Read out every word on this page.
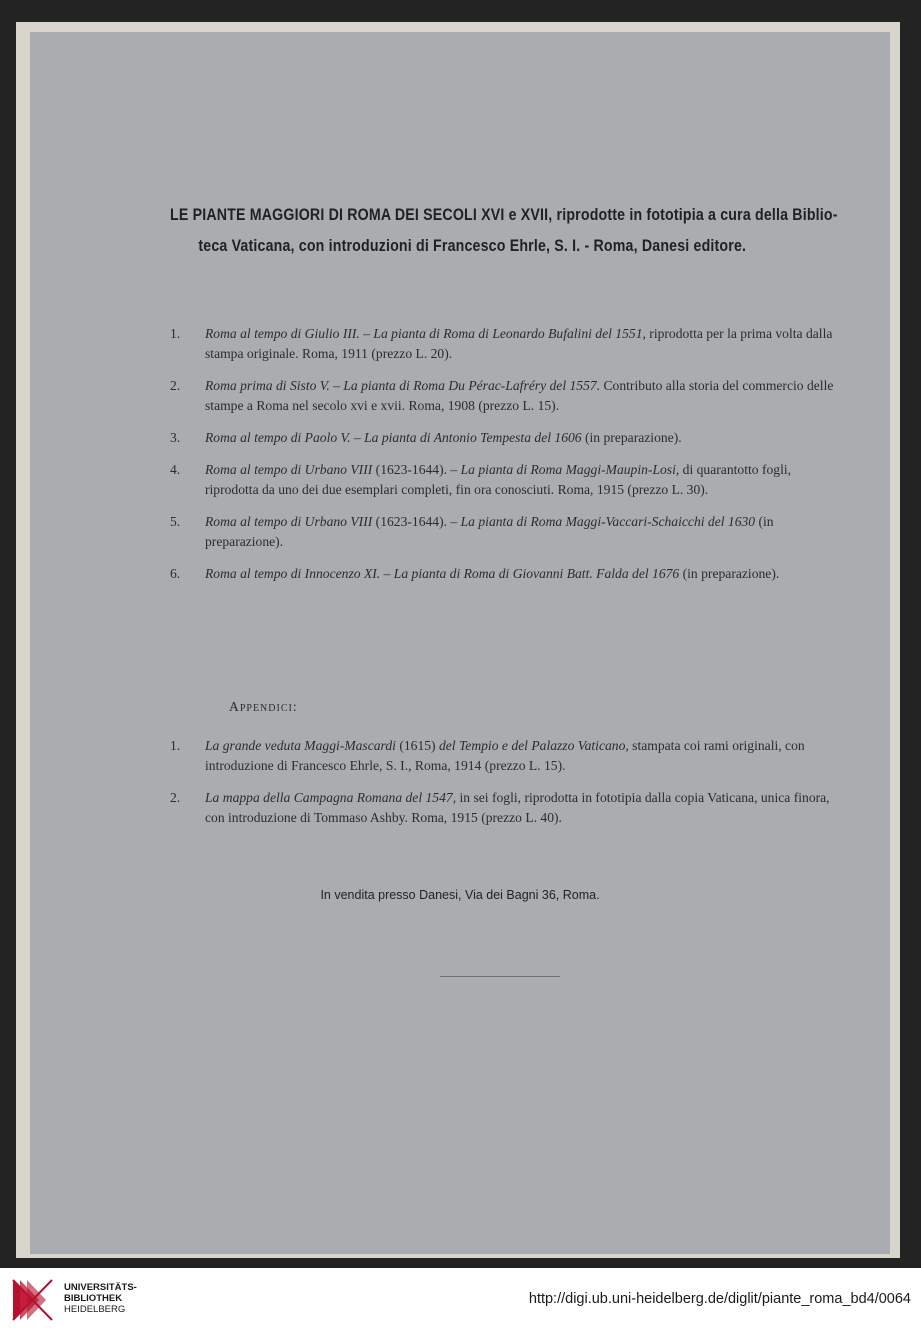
LE PIANTE MAGGIORI DI ROMA DEI SECOLI XVI e XVII, riprodotte in fototipia a cura della Biblio-
teca Vaticana, con introduzioni di Francesco Ehrle, S. I. - Roma, Danesi editore.
1. Roma al tempo di Giulio III. – La pianta di Roma di Leonardo Bufalini del 1551, riprodotta per la prima volta dalla stampa originale. Roma, 1911 (prezzo L. 20).
2. Roma prima di Sisto V. – La pianta di Roma Du Pérac-Lafréry del 1557. Contributo alla storia del commercio delle stampe a Roma nel secolo xvi e xvii. Roma, 1908 (prezzo L. 15).
3. Roma al tempo di Paolo V. – La pianta di Antonio Tempesta del 1606 (in preparazione).
4. Roma al tempo di Urbano VIII (1623-1644). – La pianta di Roma Maggi-Maupin-Losi, di quarantotto fogli, riprodotta da uno dei due esemplari completi, fin ora conosciuti. Roma, 1915 (prezzo L. 30).
5. Roma al tempo di Urbano VIII (1623-1644). – La pianta di Roma Maggi-Vaccari-Schaicchi del 1630 (in preparazione).
6. Roma al tempo di Innocenzo XI. – La pianta di Roma di Giovanni Batt. Falda del 1676 (in preparazione).
Appendici:
1. La grande veduta Maggi-Mascardi (1615) del Tempio e del Palazzo Vaticano, stampata coi rami originali, con introduzione di Francesco Ehrle, S. I., Roma, 1914 (prezzo L. 15).
2. La mappa della Campagna Romana del 1547, in sei fogli, riprodotta in fototipia dalla copia Vaticana, unica finora, con introduzione di Tommaso Ashby. Roma, 1915 (prezzo L. 40).
In vendita presso Danesi, Via dei Bagni 36, Roma.
UNIVERSITÄTS-
BIBLIOTHEK
HEIDELBERG
http://digi.ub.uni-heidelberg.de/diglit/piante_roma_bd4/0064
